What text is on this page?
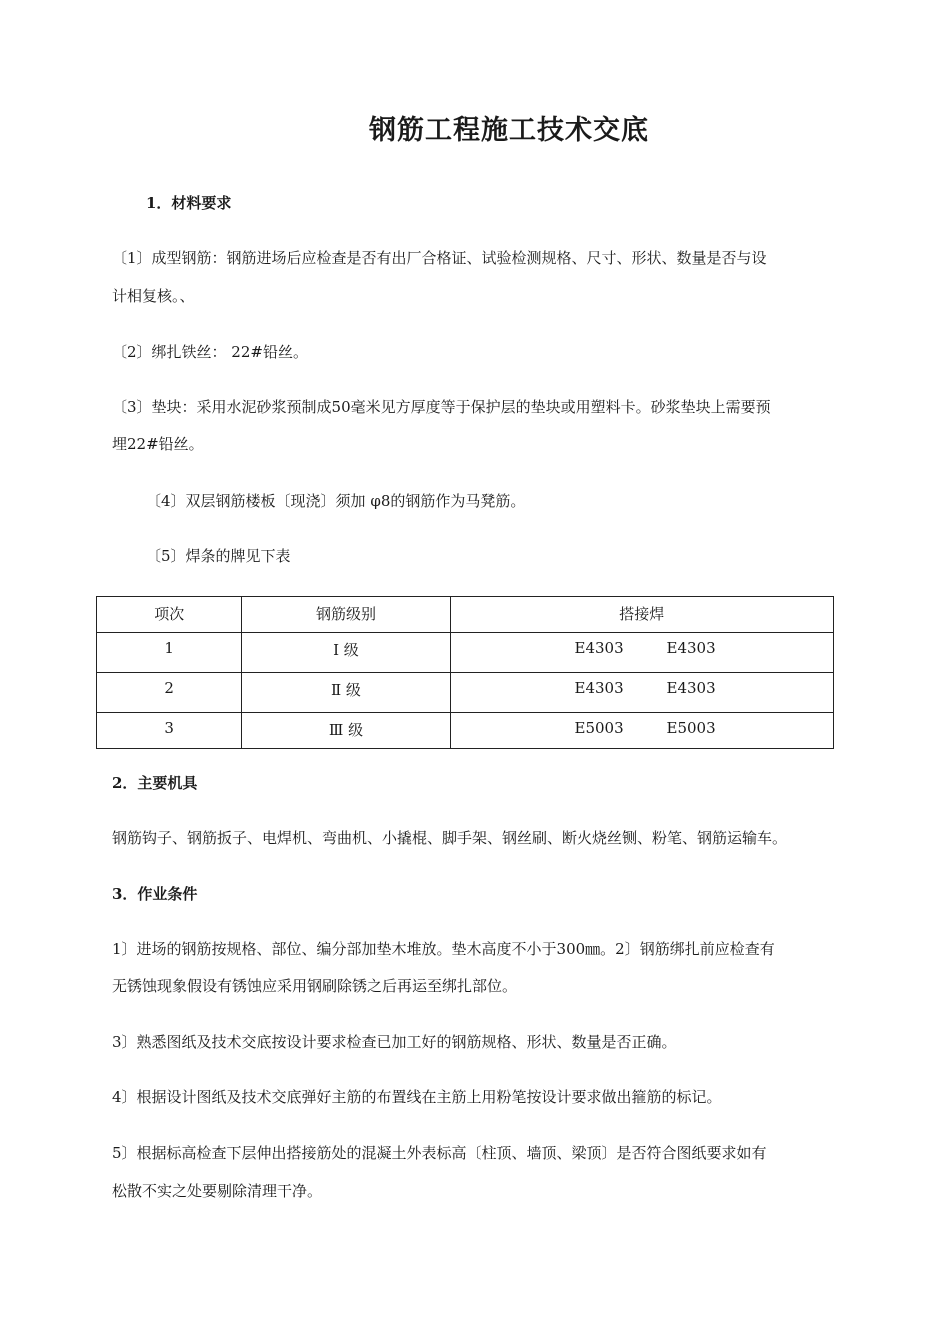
钢筋工程施工技术交底
1．材料要求
〔1〕成型钢筋：钢筋进场后应检查是否有出厂合格证、试验检测规格、尺寸、形状、数量是否与设
计相复核。、
〔2〕绑扎铁丝： 22#铅丝。
〔3〕垫块：采用水泥砂浆预制成50毫米见方厚度等于保护层的垫块或用塑料卡。砂浆垫块上需要预
埋22#铅丝。
〔4〕双层钢筋楼板〔现浇〕须加 φ8的钢筋作为马凳筋。
〔5〕焊条的牌见下表
项次	钢筋级别	搭接焊
1	Ⅰ 级	E4303 E4303

2	Ⅱ 级	E4303 E4303

3	Ⅲ 级	E5003 E5003
2．主要机具
钢筋钩子、钢筋扳子、电焊机、弯曲机、小撬棍、脚手架、钢丝刷、断火烧丝铡、粉笔、钢筋运输车。
3．作业条件
1〕进场的钢筋按规格、部位、编分部加垫木堆放。垫木高度不小于300㎜。2〕钢筋绑扎前应检查有
无锈蚀现象假设有锈蚀应采用钢刷除锈之后再运至绑扎部位。
3〕熟悉图纸及技术交底按设计要求检查已加工好的钢筋规格、形状、数量是否正确。
4〕根据设计图纸及技术交底弹好主筋的布置线在主筋上用粉笔按设计要求做出箍筋的标记。
5〕根据标高检查下层伸出搭接筋处的混凝土外表标高〔柱顶、墙顶、梁顶〕是否符合图纸要求如有
松散不实之处要剔除清理干净。
